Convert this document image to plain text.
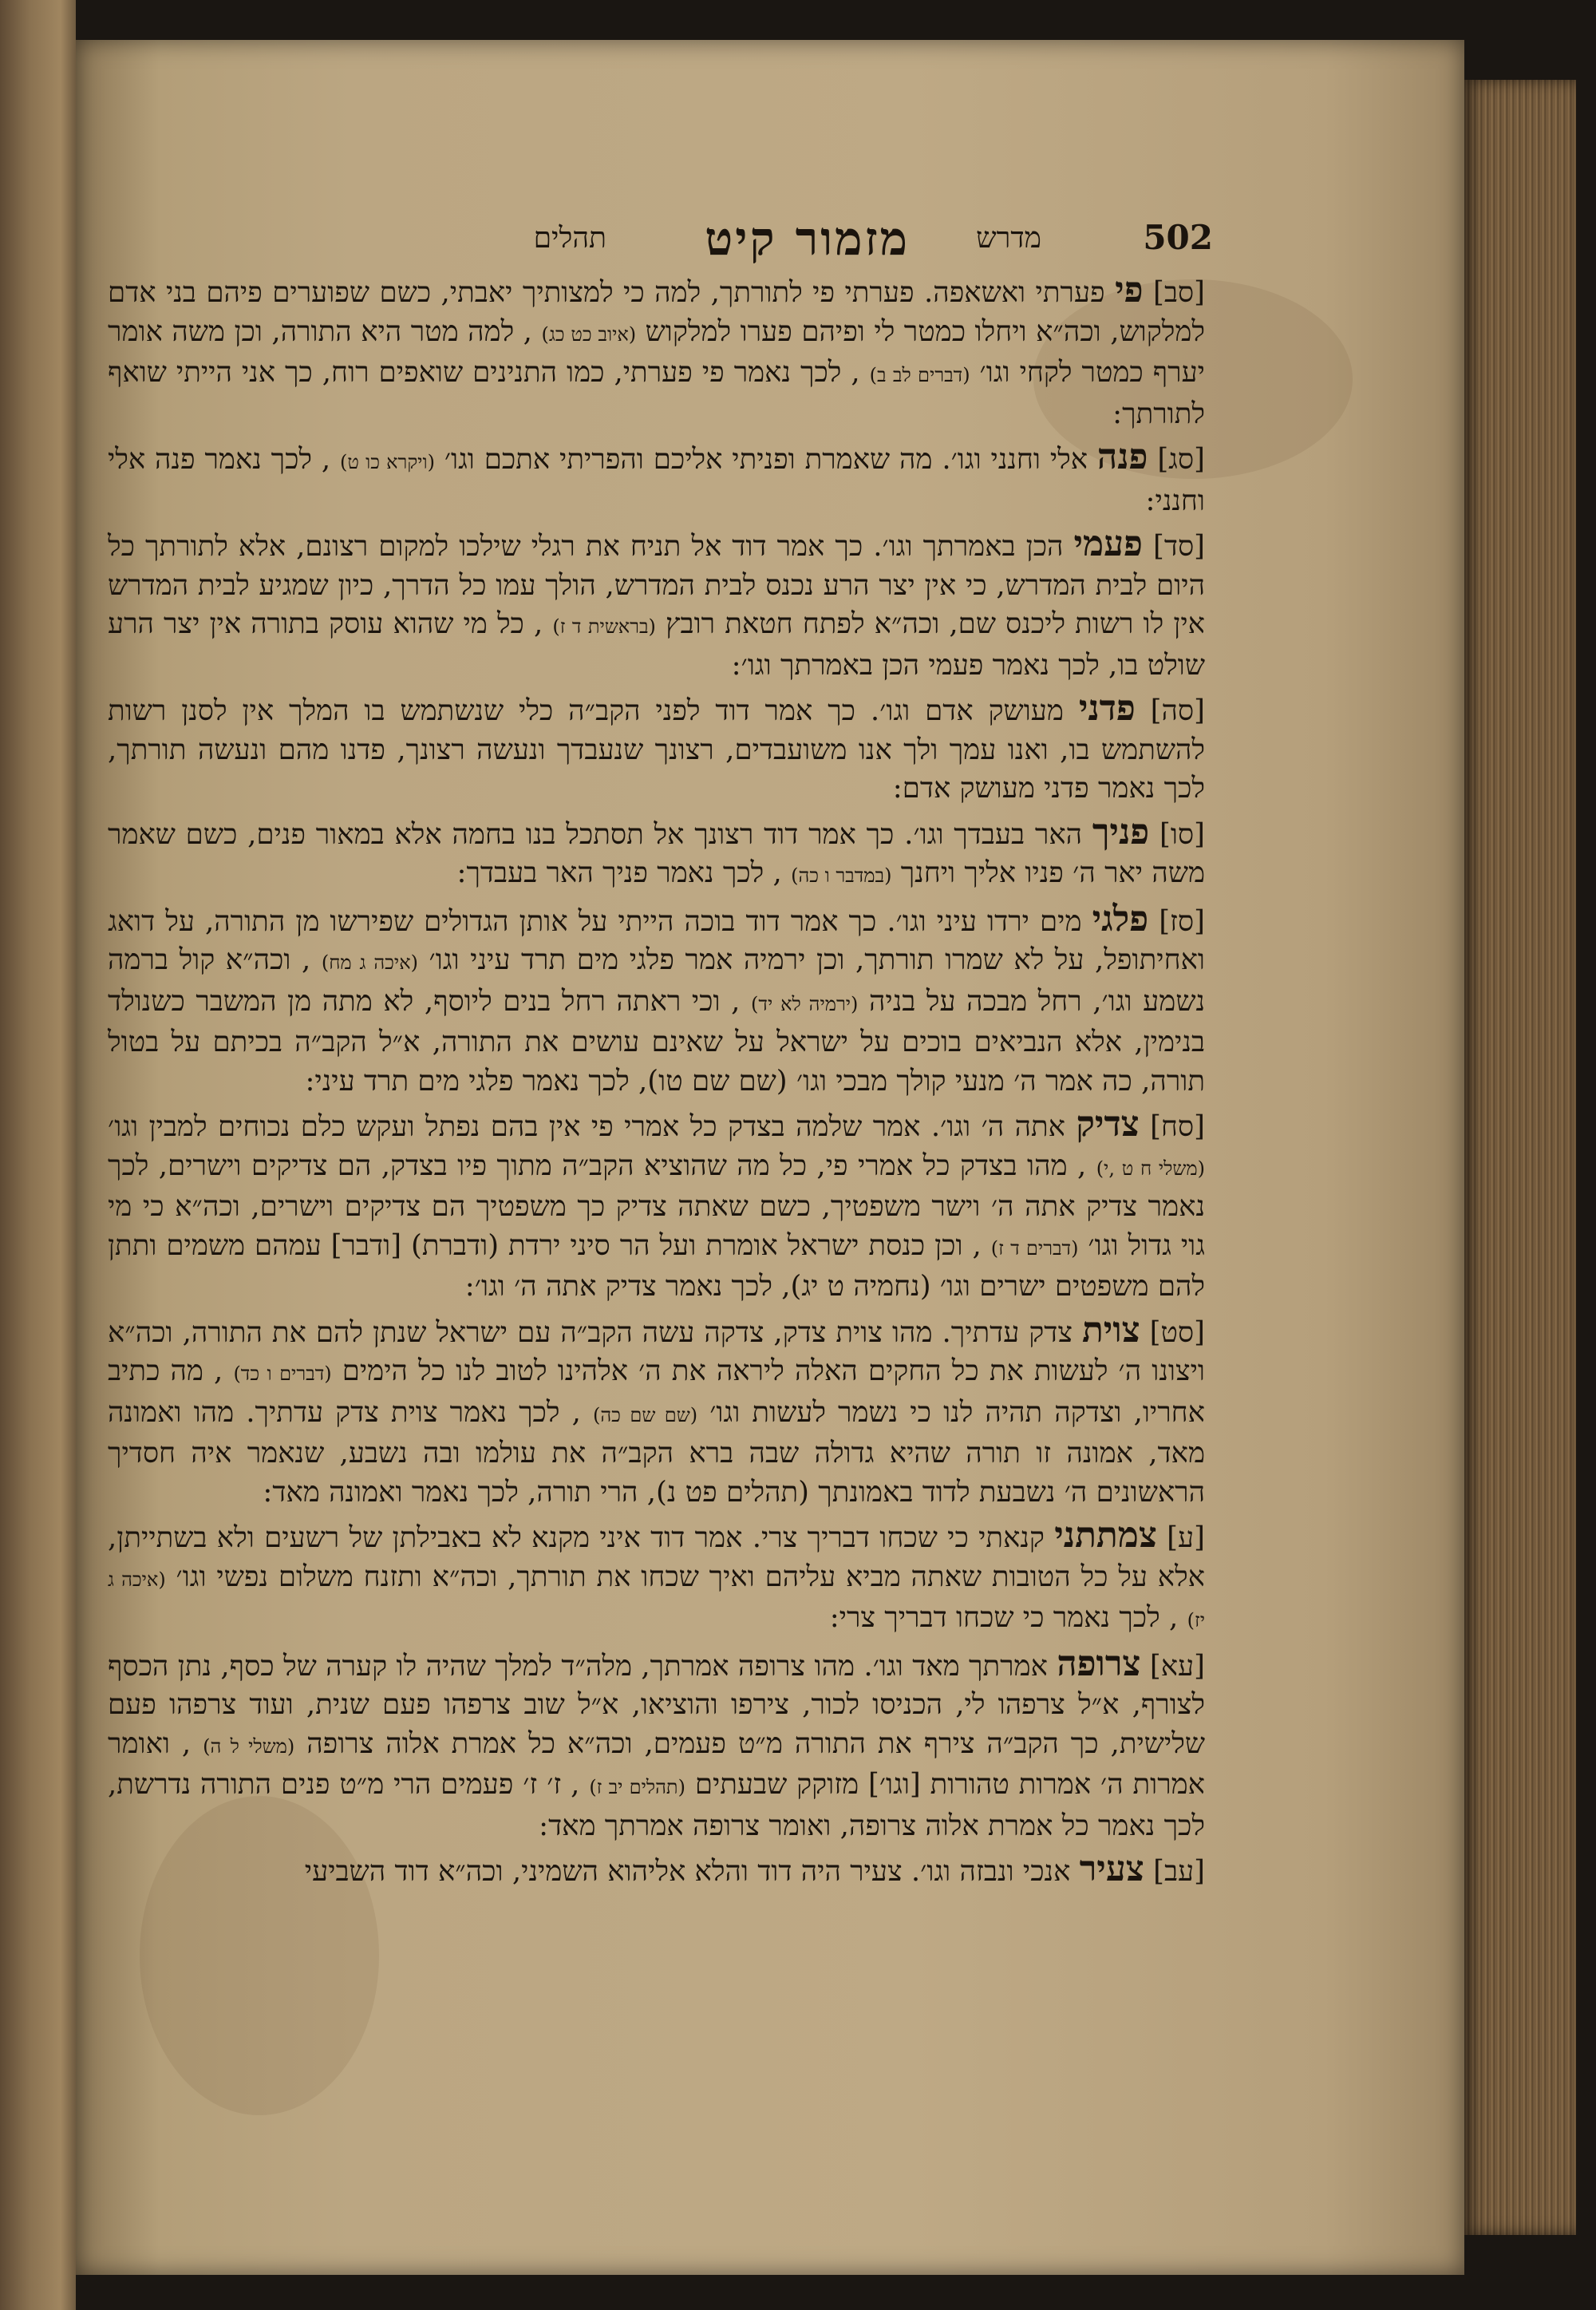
502
מדרש
מזמור קיט
תהלים
[סב] פי פערתי ואשאפה. פערתי פי לתורתך, למה כי למצותיך יאבתי, כשם שפוערים פיהם בני אדם למלקוש, וכה״א ויחלו כמטר לי ופיהם פערו למלקוש (איוב כט כג) , למה מטר היא התורה, וכן משה אומר יערף כמטר לקחי וגו׳ (דברים לב ב) , לכך נאמר פי פערתי, כמו התנינים שואפים רוח, כך אני הייתי שואף לתורתך:
[סג] פנה אלי וחנני וגו׳. מה שאמרת ופניתי אליכם והפריתי אתכם וגו׳ (ויקרא כו ט) , לכך נאמר פנה אלי וחנני:
[סד] פעמי הכן באמרתך וגו׳. כך אמר דוד אל תניח את רגלי שילכו למקום רצונם, אלא לתורתך כל היום לבית המדרש, כי אין יצר הרע נכנס לבית המדרש, הולך עמו כל הדרך, כיון שמגיע לבית המדרש אין לו רשות ליכנס שם, וכה״א לפתח חטאת רובץ (בראשית ד ז) , כל מי שהוא עוסק בתורה אין יצר הרע שולט בו, לכך נאמר פעמי הכן באמרתך וגו׳:
[סה] פדני מעושק אדם וגו׳. כך אמר דוד לפני הקב״ה כלי שנשתמש בו המלך אין לסנן רשות להשתמש בו, ואנו עמך ולך אנו משועבדים, רצונך שנעבדך ונעשה רצונך, פדנו מהם ונעשה תורתך, לכך נאמר פדני מעושק אדם:
[סו] פניך האר בעבדך וגו׳. כך אמר דוד רצונך אל תסתכל בנו בחמה אלא במאור פנים, כשם שאמר משה יאר ה׳ פניו אליך ויחנך (במדבר ו כה) , לכך נאמר פניך האר בעבדך:
[סז] פלגי מים ירדו עיני וגו׳. כך אמר דוד בוכה הייתי על אותן הגדולים שפירשו מן התורה, על דואג ואחיתופל, על לא שמרו תורתך, וכן ירמיה אמר פלגי מים תרד עיני וגו׳ (איכה ג מח) , וכה״א קול ברמה נשמע וגו׳, רחל מבכה על בניה (ירמיה לא יד) , וכי ראתה רחל בנים ליוסף, לא מתה מן המשבר כשנולד בנימין, אלא הנביאים בוכים על ישראל על שאינם עושים את התורה, א״ל הקב״ה בכיתם על בטול תורה, כה אמר ה׳ מנעי קולך מבכי וגו׳ (שם שם טו), לכך נאמר פלגי מים תרד עיני:
[סח] צדיק אתה ה׳ וגו׳. אמר שלמה בצדק כל אמרי פי אין בהם נפתל ועקש כלם נכוחים למבין וגו׳ (משלי ח ט ,י) , מהו בצדק כל אמרי פי, כל מה שהוציא הקב״ה מתוך פיו בצדק, הם צדיקים וישרים, לכך נאמר צדיק אתה ה׳ וישר משפטיך, כשם שאתה צדיק כך משפטיך הם צדיקים וישרים, וכה״א כי מי גוי גדול וגו׳ (דברים ד ז) , וכן כנסת ישראל אומרת ועל הר סיני ירדת (ודברת) [ודבר] עמהם משמים ותתן להם משפטים ישרים וגו׳ (נחמיה ט יג), לכך נאמר צדיק אתה ה׳ וגו׳:
[סט] צוית צדק עדתיך. מהו צוית צדק, צדקה עשה הקב״ה עם ישראל שנתן להם את התורה, וכה״א ויצונו ה׳ לעשות את כל החקים האלה ליראה את ה׳ אלהינו לטוב לנו כל הימים (דברים ו כד) , מה כתיב אחריו, וצדקה תהיה לנו כי נשמר לעשות וגו׳ (שם שם כה) , לכך נאמר צוית צדק עדתיך. מהו ואמונה מאד, אמונה זו תורה שהיא גדולה שבה ברא הקב״ה את עולמו ובה נשבע, שנאמר איה חסדיך הראשונים ה׳ נשבעת לדוד באמונתך (תהלים פט נ), הרי תורה, לכך נאמר ואמונה מאד:
[ע] צמתתני קנאתי כי שכחו דבריך צרי. אמר דוד איני מקנא לא באבילתן של רשעים ולא בשתייתן, אלא על כל הטובות שאתה מביא עליהם ואיך שכחו את תורתך, וכה״א ותזנח משלום נפשי וגו׳ (איכה ג יז) , לכך נאמר כי שכחו דבריך צרי:
[עא] צרופה אמרתך מאד וגו׳. מהו צרופה אמרתך, מלה״ד למלך שהיה לו קערה של כסף, נתן הכסף לצורף, א״ל צרפהו לי, הכניסו לכור, צירפו והוציאו, א״ל שוב צרפהו פעם שנית, ועוד צרפהו פעם שלישית, כך הקב״ה צירף את התורה מ״ט פעמים, וכה״א כל אמרת אלוה צרופה (משלי ל ה) , ואומר אמרות ה׳ אמרות טהורות [וגו׳] מזוקק שבעתים (תהלים יב ז) , ז׳ ז׳ פעמים הרי מ״ט פנים התורה נדרשת, לכך נאמר כל אמרת אלוה צרופה, ואומר צרופה אמרתך מאד:
[עב] צעיר אנכי ונבזה וגו׳. צעיר היה דוד והלא אליהוא השמיני, וכה״א דוד השביעי
